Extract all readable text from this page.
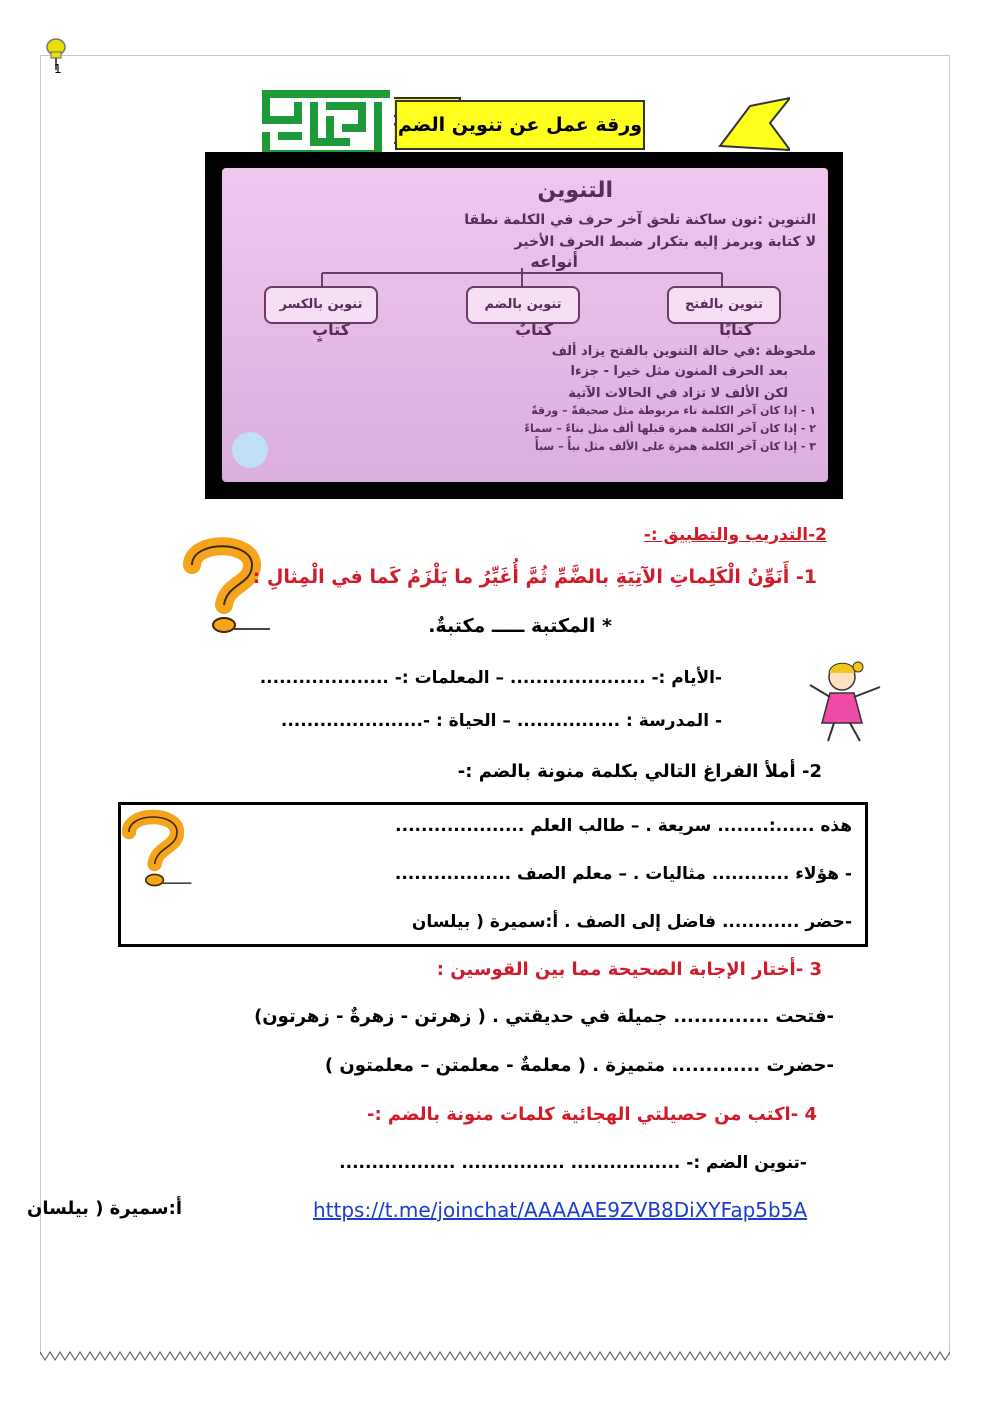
1
ورقة عمل عن تنوين الضم
التنوين
التنوين :نون ساكنة تلحق آخر حرف في الكلمة نطقا
لا كتابة ويرمز إليه بتكرار ضبط الحرف الأخير
أنواعه
تنوين بالفتح
تنوين بالضم
تنوين بالكسر
كتابًا
كتابٌ
كتابٍ
ملحوظة :في حالة التنوين بالفتح يزاد ألف
بعد الحرف المنون مثل خيرا - جزءا
لكن الألف لا تزاد في الحالات الآتية
١ - إذا كان آخر الكلمة تاء مربوطة مثل صحيفةً – ورقةً
٢ - إذا كان آخر الكلمة همزة قبلها ألف مثل بناءً – سماءً
٣ - إذا كان آخر الكلمة همزة على الألف مثل نبأً – سبأً
2-التدريب والتطبيق :-
1- أَنَوِّنُ الْكَلِماتِ الآتِيَةِ بالضَّمِّ ثُمَّ أُغَيِّرُ ما يَلْزَمُ كَما في الْمِثالِ :
* المكتبة ـــــ مكتبةٌ.
-الأيام :- ..................... – المعلمات :- ....................
- المدرسة : ................ – الحياة : -......................
2- أملأ الفراغ التالي بكلمة منونة بالضم :-
هذه ......:........ سريعة . – طالب العلم ....................
- هؤلاء ............ مثاليات . – معلم الصف ..................
-حضر ............ فاضل إلى الصف . أ:سميرة ( بيلسان
3 -أختار الإجابة الصحيحة مما بين القوسين :
-فتحت .............. جميلة في حديقتي . ( زهرتن - زهرةٌ - زهرتون)
-حضرت ............. متميزة . ( معلمةٌ - معلمتن – معلمتون )
4 -اكتب من حصيلتي الهجائية كلمات منونة بالضم :-
-تنوين الضم :- ................. ................ ..................
أ:سميرة ( بيلسان	https://t.me/joinchat/AAAAAE9ZVB8DiXYFap5b5A
